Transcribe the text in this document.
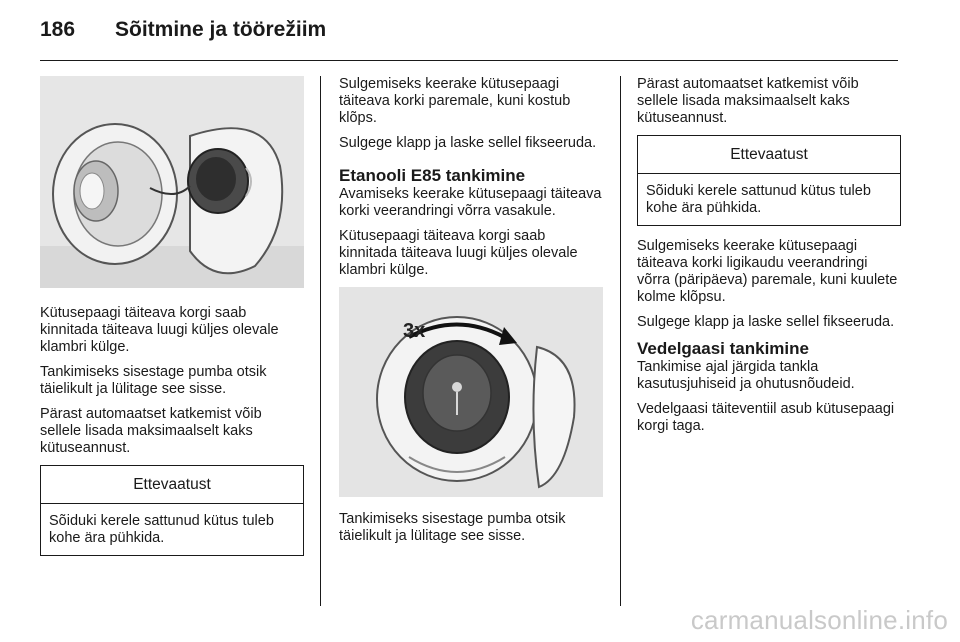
186	Sõitmine ja töörežiim

Kütusepaagi täiteava korgi saab kinnitada täiteava luugi küljes olevale klambri külge.

Tankimiseks sisestage pumba otsik täielikult ja lülitage see sisse.

Pärast automaatset katkemist võib sellele lisada maksimaalselt kaks kütuseannust.

Ettevaatust
Sõiduki kerele sattunud kütus tuleb kohe ära pühkida.

Sulgemiseks keerake kütusepaagi täiteava korki paremale, kuni kostub klõps.

Sulgege klapp ja laske sellel fikseeruda.

Etanooli E85 tankimine

Avamiseks keerake kütusepaagi täiteava korki veerandringi võrra vasakule.

Kütusepaagi täiteava korgi saab kinnitada täiteava luugi küljes olevale klambri külge.

3x

Tankimiseks sisestage pumba otsik täielikult ja lülitage see sisse.

Pärast automaatset katkemist võib sellele lisada maksimaalselt kaks kütuseannust.

Ettevaatust
Sõiduki kerele sattunud kütus tuleb kohe ära pühkida.

Sulgemiseks keerake kütusepaagi täiteava korki ligikaudu veerandringi võrra (päripäeva) paremale, kuni kuulete kolme klõpsu.

Sulgege klapp ja laske sellel fikseeruda.

Vedelgaasi tankimine

Tankimise ajal järgida tankla kasutusjuhiseid ja ohutusnõudeid.

Vedelgaasi täiteventiil asub kütusepaagi korgi taga.

carmanualsonline.info
